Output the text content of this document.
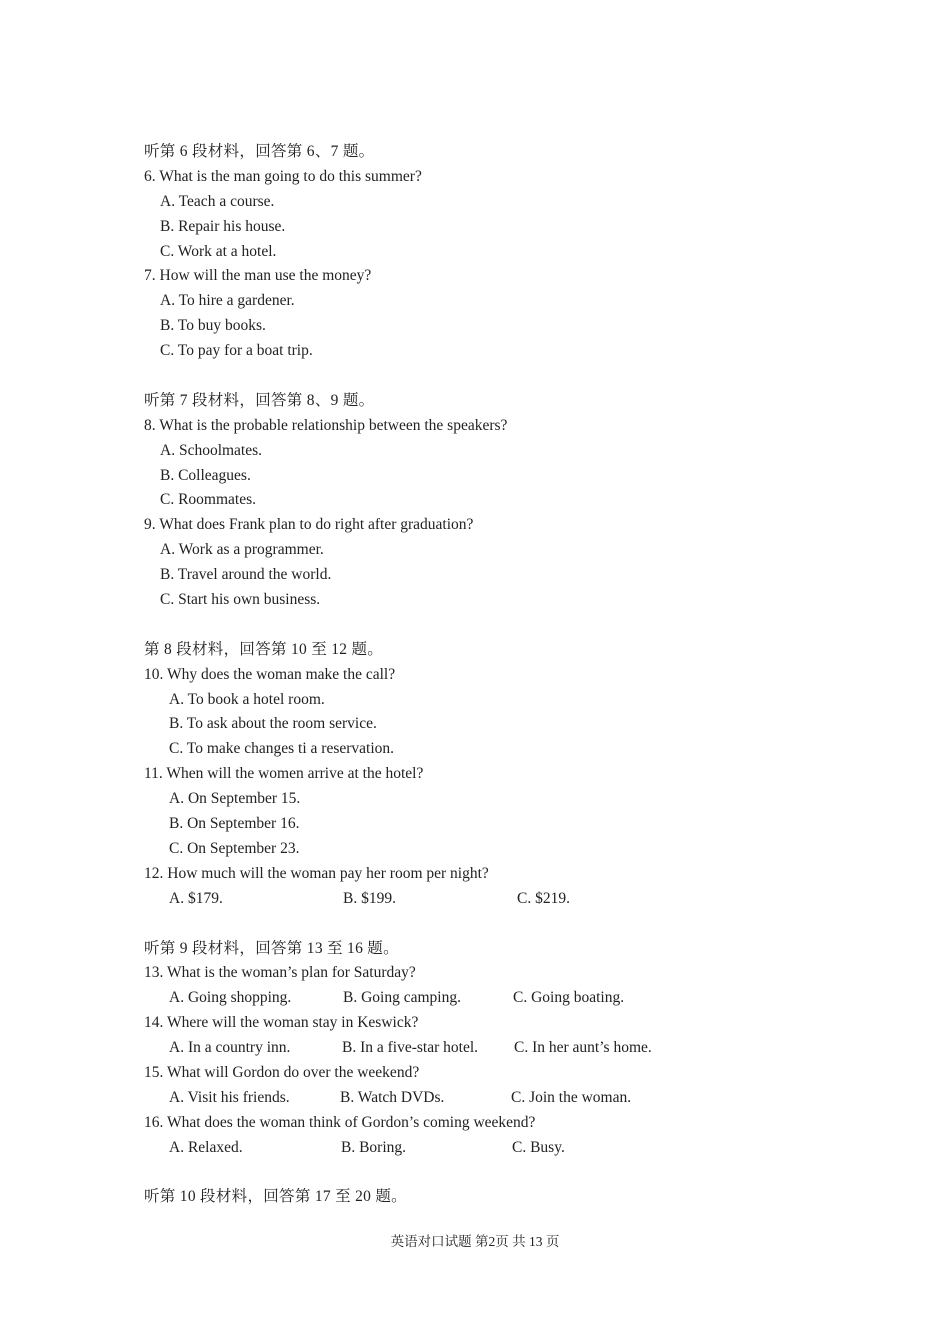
听第 6 段材料，回答第 6、7 题。
6. What is the man going to do this summer?
A. Teach a course.
B. Repair his house.
C. Work at a hotel.
7. How will the man use the money?
A. To hire a gardener.
B. To buy books.
C. To pay for a boat trip.
听第 7 段材料，回答第 8、9 题。
8. What is the probable relationship between the speakers?
A. Schoolmates.
B. Colleagues.
C. Roommates.
9. What does Frank plan to do right after graduation?
A. Work as a programmer.
B. Travel around the world.
C. Start his own business.
第 8 段材料，回答第 10 至 12 题。
10. Why does the woman make the call?
A. To book a hotel room.
B. To ask about the room service.
C. To make changes ti a reservation.
11. When will the women arrive at the hotel?
A. On September 15.
B. On September 16.
C. On September 23.
12. How much will the woman pay her room per night?
A. $179.	B. $199.	C. $219.
听第 9 段材料，回答第 13 至 16 题。
13. What is the woman’s plan for Saturday?
A. Going shopping.	B. Going camping.	C. Going boating.
14. Where will the woman stay in Keswick?
A. In a country inn.	B. In a five-star hotel.	C. In her aunt’s home.
15. What will Gordon do over the weekend?
A. Visit his friends.	B. Watch DVDs.	C. Join the woman.
16. What does the woman think of Gordon’s coming weekend?
A. Relaxed.	B. Boring.	C. Busy.
听第 10 段材料，回答第 17 至 20 题。
英语对口试题 第2页 共 13 页
